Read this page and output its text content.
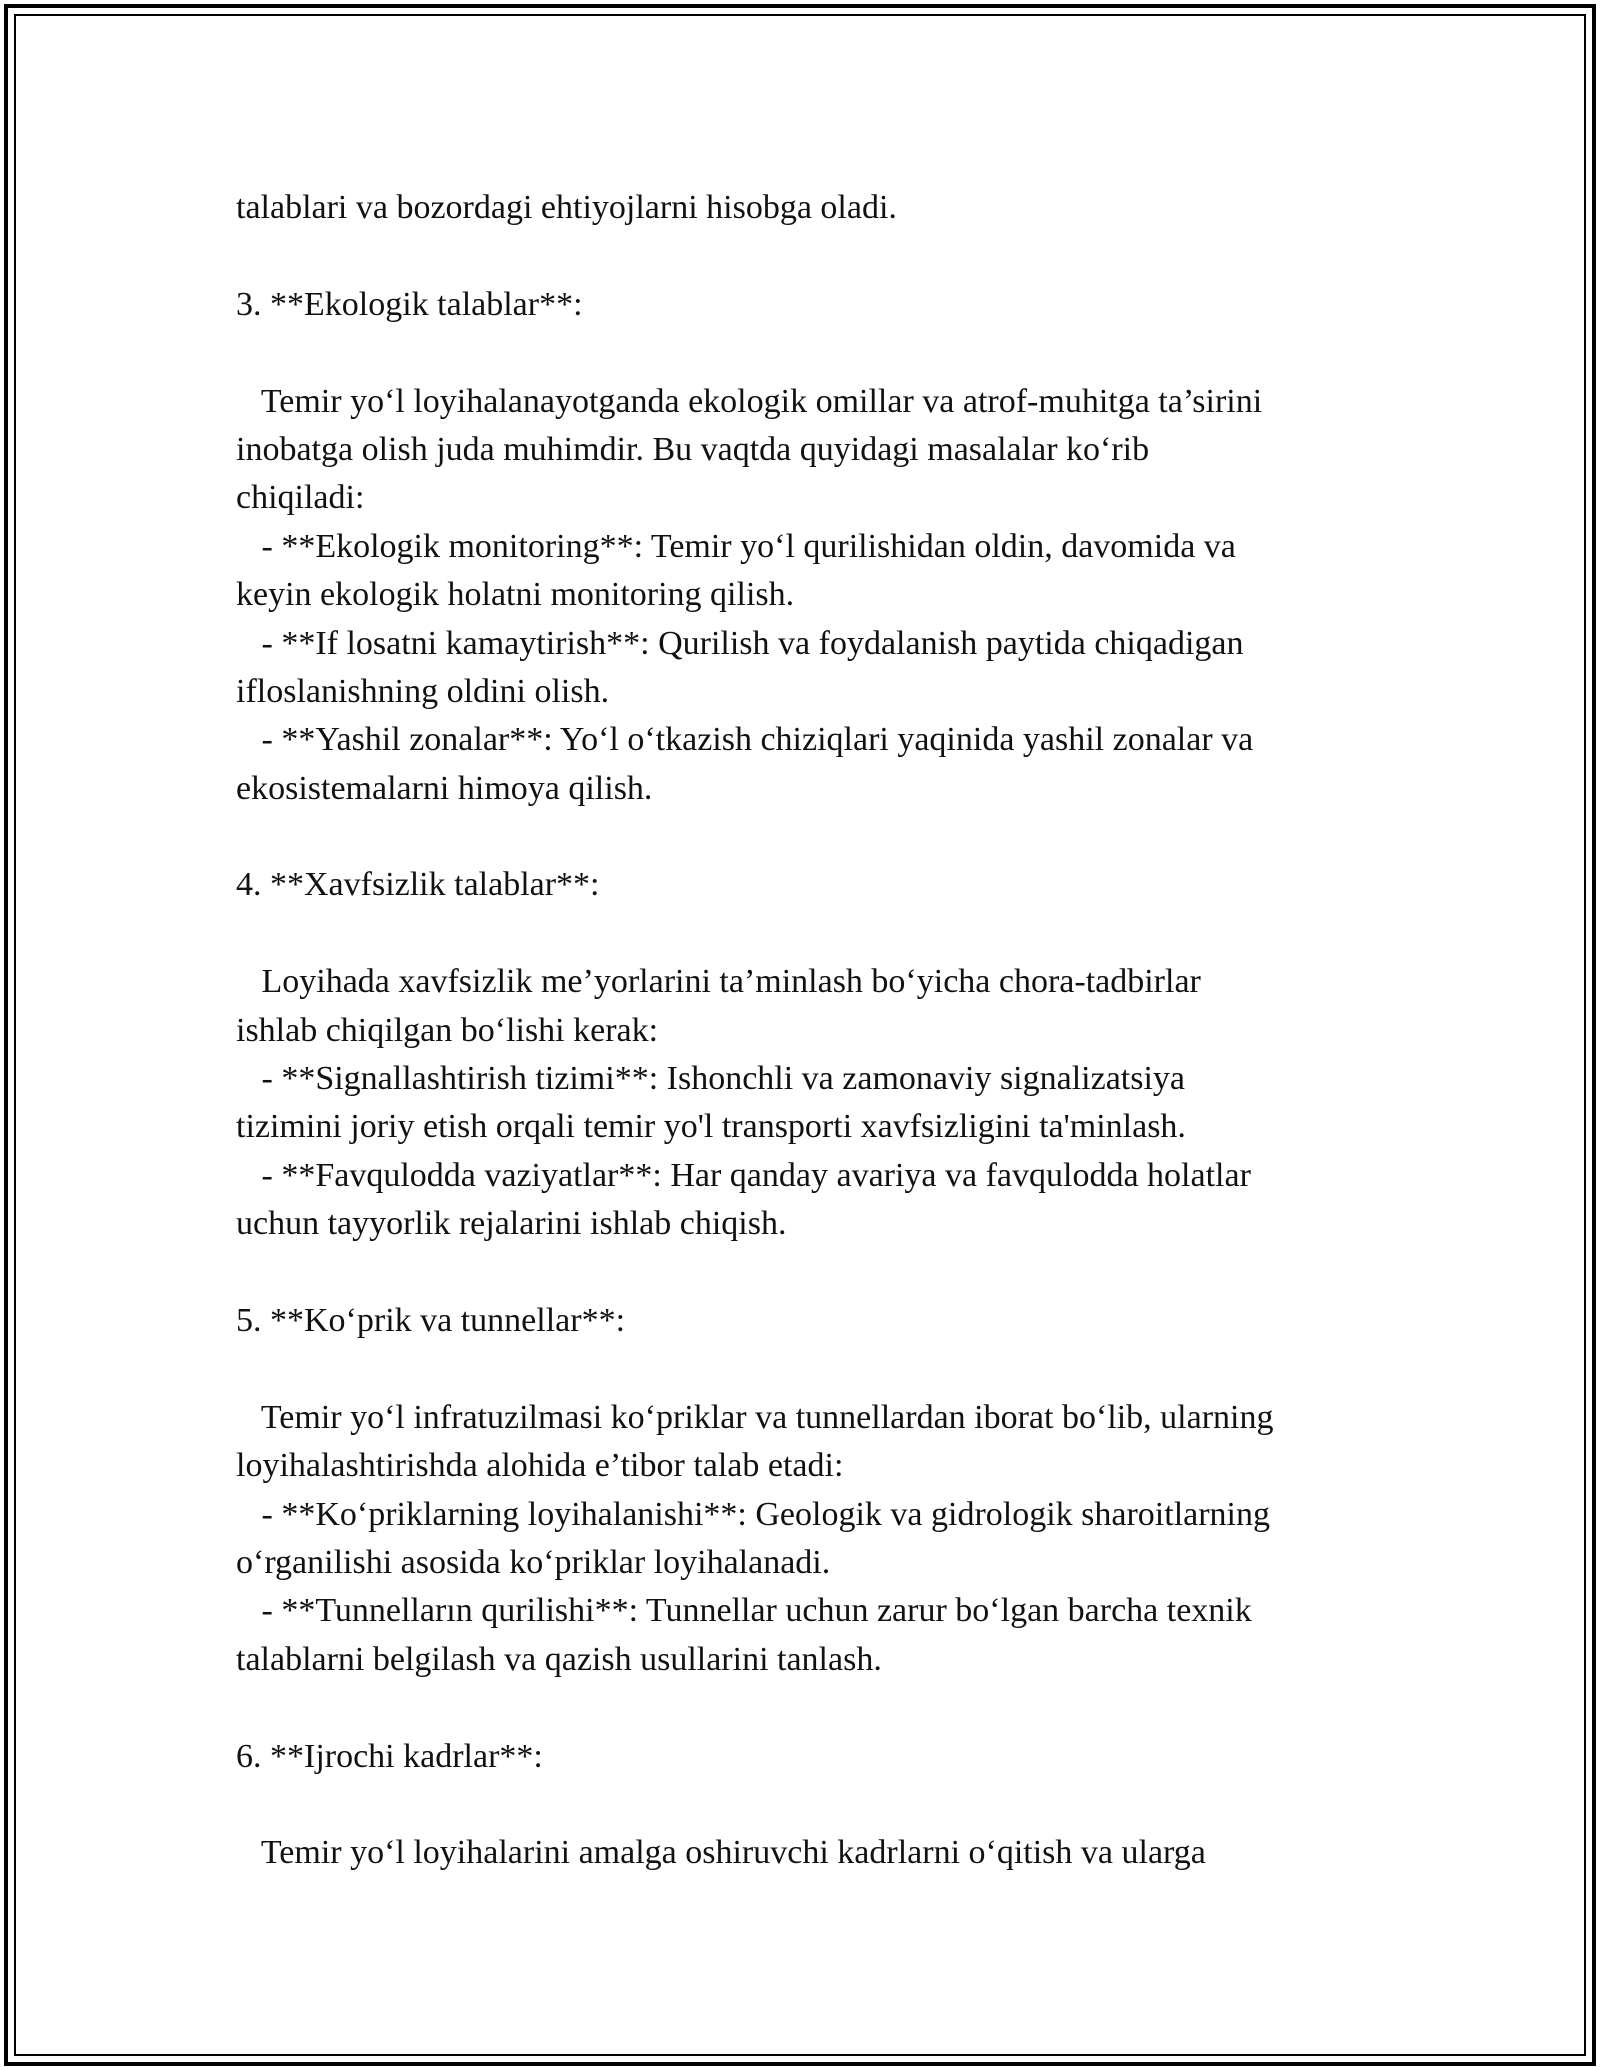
talablari va bozordagi ehtiyojlarni hisobga oladi.
3. **Ekologik talablar**:
Temir yo‘l loyihalanayotganda ekologik omillar va atrof-muhitga ta’sirini
inobatga olish juda muhimdir. Bu vaqtda quyidagi masalalar ko‘rib
chiqiladi:
- **Ekologik monitoring**: Temir yo‘l qurilishidan oldin, davomida va
keyin ekologik holatni monitoring qilish.
- **If losatni kamaytirish**: Qurilish va foydalanish paytida chiqadigan
ifloslanishning oldini olish.
- **Yashil zonalar**: Yo‘l o‘tkazish chiziqlari yaqinida yashil zonalar va
ekosistemalarni himoya qilish.
4. **Xavfsizlik talablar**:
Loyihada xavfsizlik me’yorlarini ta’minlash bo‘yicha chora-tadbirlar
ishlab chiqilgan bo‘lishi kerak:
- **Signallashtirish tizimi**: Ishonchli va zamonaviy signalizatsiya
tizimini joriy etish orqali temir yo'l transporti xavfsizligini ta'minlash.
- **Favqulodda vaziyatlar**: Har qanday avariya va favqulodda holatlar
uchun tayyorlik rejalarini ishlab chiqish.
5. **Ko‘prik va tunnellar**:
Temir yo‘l infratuzilmasi ko‘priklar va tunnellardan iborat bo‘lib, ularning
loyihalashtirishda alohida e’tibor talab etadi:
- **Ko‘priklarning loyihalanishi**: Geologik va gidrologik sharoitlarning
o‘rganilishi asosida ko‘priklar loyihalanadi.
- **Tunnelların qurilishi**: Tunnellar uchun zarur bo‘lgan barcha texnik
talablarni belgilash va qazish usullarini tanlash.
6. **Ijrochi kadrlar**:
Temir yo‘l loyihalarini amalga oshiruvchi kadrlarni o‘qitish va ularga
